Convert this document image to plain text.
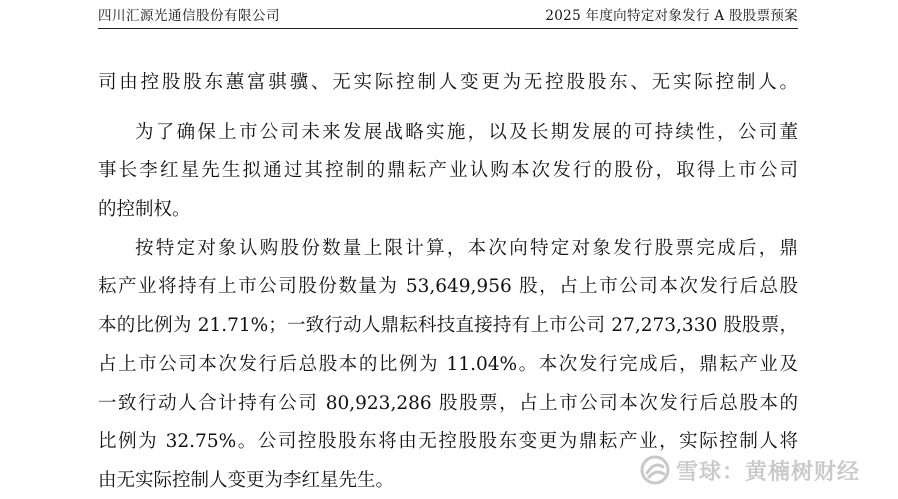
四川汇源光通信股份有限公司	2025 年度向特定对象发行 A 股股票预案
司由控股股东蕙富骐骥、无实际控制人变更为无控股股东、无实际控制人。
为了确保上市公司未来发展战略实施，以及长期发展的可持续性，公司董
事长李红星先生拟通过其控制的鼎耘产业认购本次发行的股份，取得上市公司
的控制权。
按特定对象认购股份数量上限计算，本次向特定对象发行股票完成后，鼎
耘产业将持有上市公司股份数量为 53,649,956 股，占上市公司本次发行后总股
本的比例为 21.71%；一致行动人鼎耘科技直接持有上市公司 27,273,330 股股票，
占上市公司本次发行后总股本的比例为 11.04%。本次发行完成后，鼎耘产业及
一致行动人合计持有公司 80,923,286 股股票，占上市公司本次发行后总股本的
比例为 32.75%。公司控股股东将由无控股股东变更为鼎耘产业，实际控制人将
由无实际控制人变更为李红星先生。	雪球：黄楠树财经
